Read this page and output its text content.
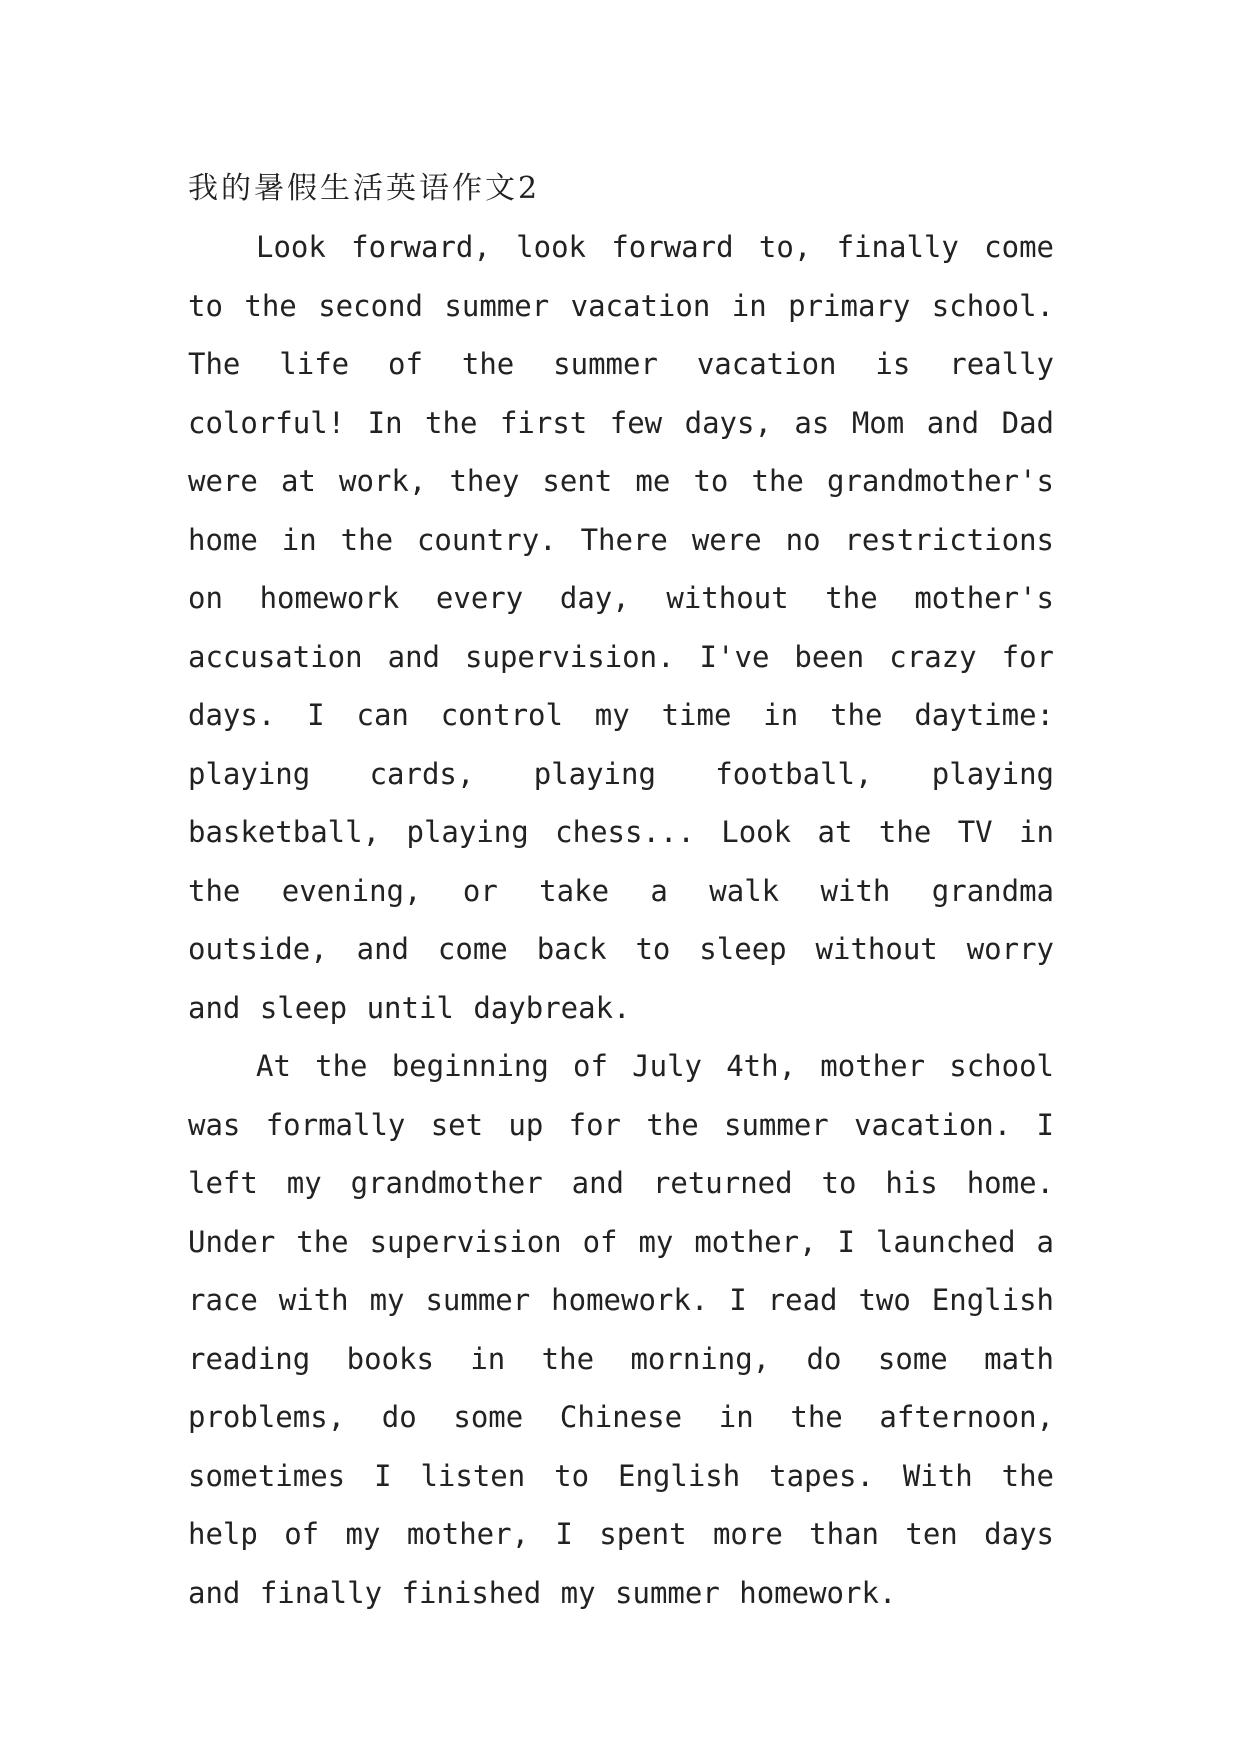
我的暑假生活英语作文2

Look forward, look forward to, finally come to the second summer vacation in primary school. The life of the summer vacation is really colorful! In the first few days, as Mom and Dad were at work, they sent me to the grandmother's home in the country. There were no restrictions on homework every day, without the mother's accusation and supervision. I've been crazy for days. I can control my time in the daytime: playing cards, playing football, playing basketball, playing chess... Look at the TV in the evening, or take a walk with grandma outside, and come back to sleep without worry and sleep until daybreak.

At the beginning of July 4th, mother school was formally set up for the summer vacation. I left my grandmother and returned to his home. Under the supervision of my mother, I launched a race with my summer homework. I read two English reading books in the morning, do some math problems, do some Chinese in the afternoon, sometimes I listen to English tapes. With the help of my mother, I spent more than ten days and finally finished my summer homework.
